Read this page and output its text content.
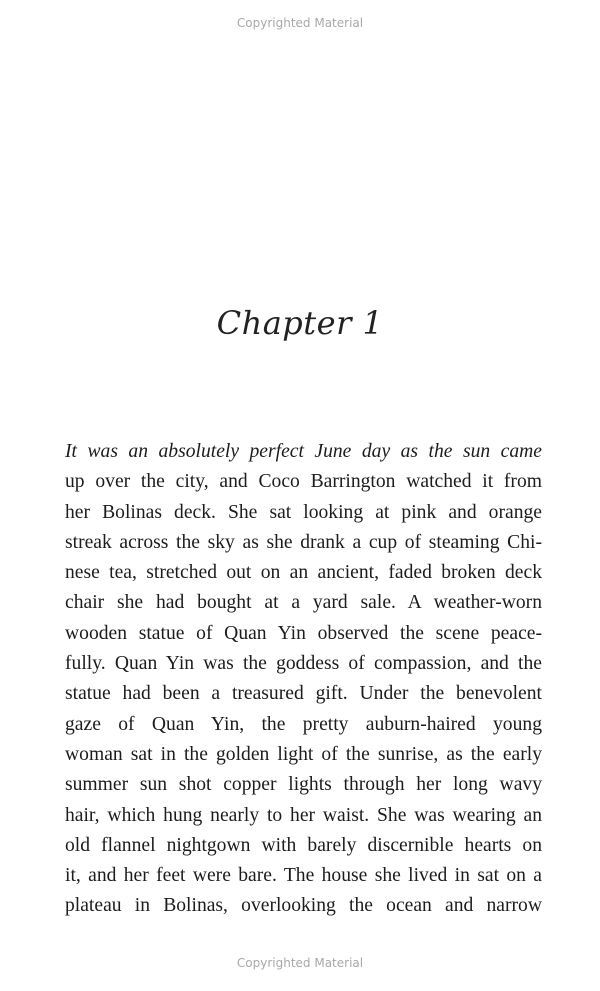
Copyrighted Material
Chapter 1
It was an absolutely perfect June day as the sun came
up over the city, and Coco Barrington watched it from
her Bolinas deck. She sat looking at pink and orange
streak across the sky as she drank a cup of steaming Chi-
nese tea, stretched out on an ancient, faded broken deck
chair she had bought at a yard sale. A weather-worn
wooden statue of Quan Yin observed the scene peace-
fully. Quan Yin was the goddess of compassion, and the
statue had been a treasured gift. Under the benevolent
gaze of Quan Yin, the pretty auburn-haired young
woman sat in the golden light of the sunrise, as the early
summer sun shot copper lights through her long wavy
hair, which hung nearly to her waist. She was wearing an
old flannel nightgown with barely discernible hearts on
it, and her feet were bare. The house she lived in sat on a
plateau in Bolinas, overlooking the ocean and narrow
Copyrighted Material
